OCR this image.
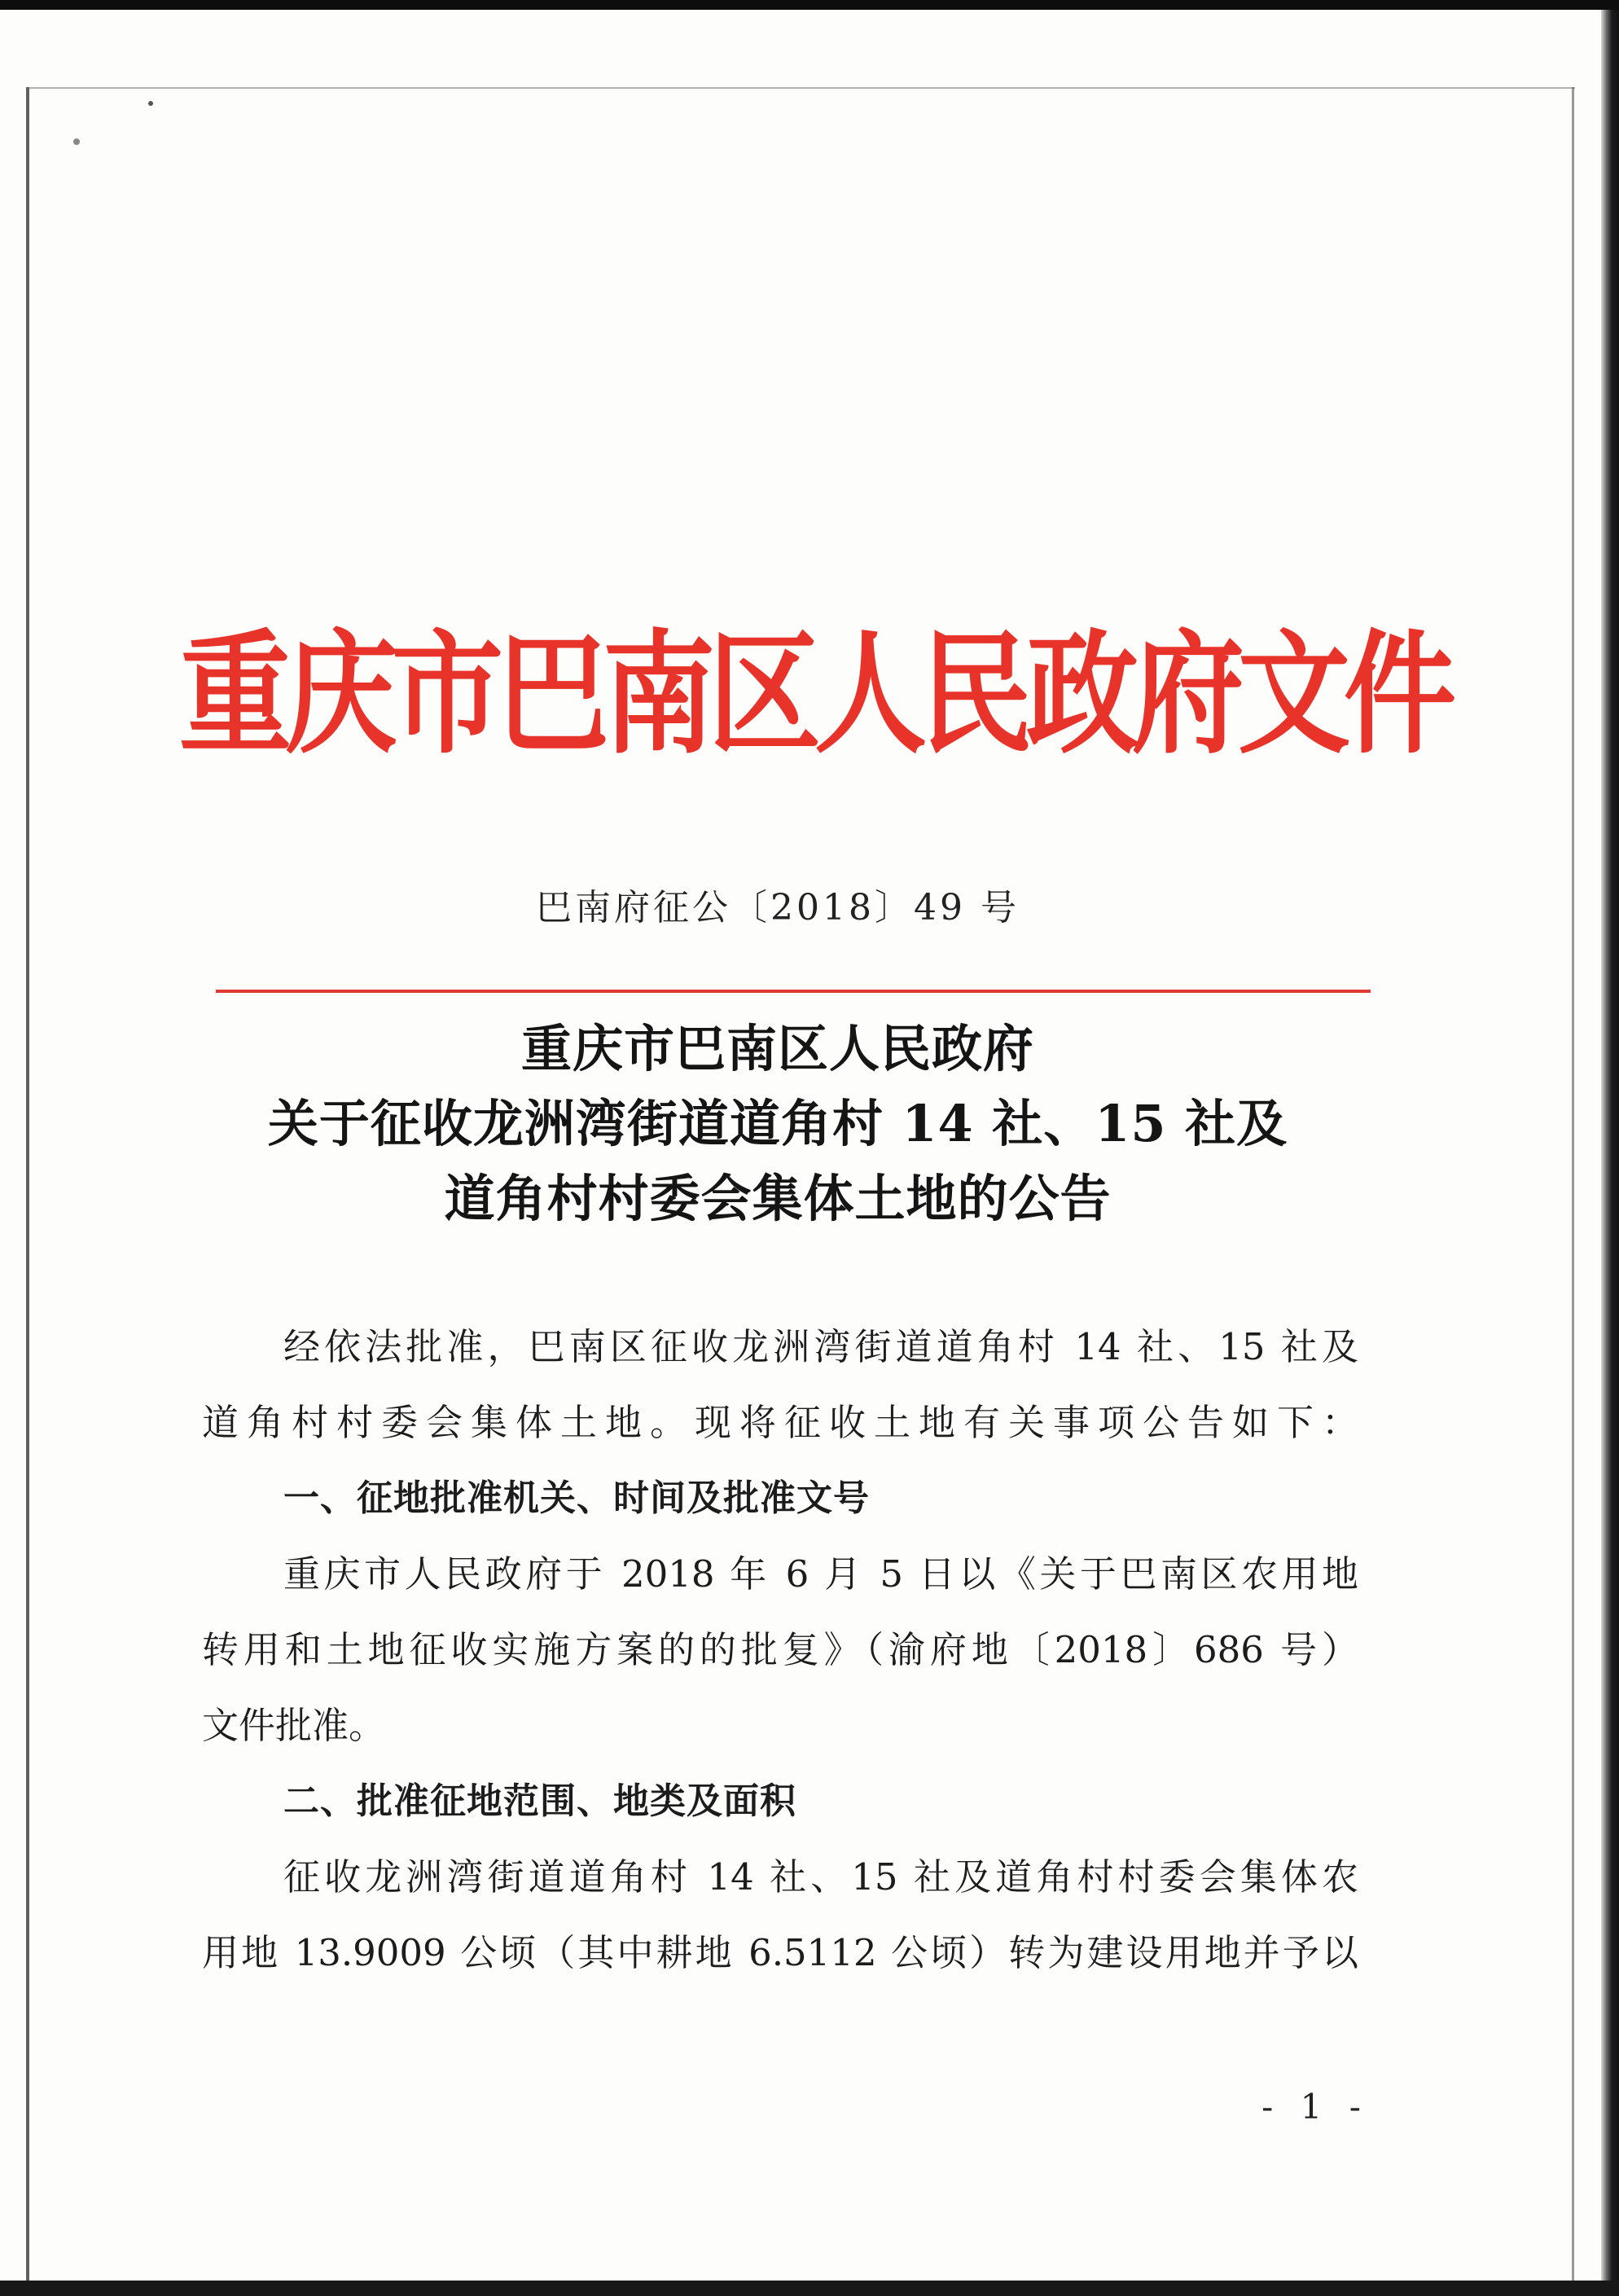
重庆市巴南区人民政府文件
巴南府征公〔2018〕49 号
重庆市巴南区人民政府
关于征收龙洲湾街道道角村 14 社、15 社及
道角村村委会集体土地的公告
经依法批准，巴南区征收龙洲湾街道道角村 14 社、15 社及
道角村村委会集体土地。现将征收土地有关事项公告如下：
一、征地批准机关、时间及批准文号
重庆市人民政府于 2018 年 6 月 5 日以《关于巴南区农用地
转用和土地征收实施方案的的批复》（渝府地〔2018〕686 号）
文件批准。
二、批准征地范围、地类及面积
征收龙洲湾街道道角村 14 社、15 社及道角村村委会集体农
用地 13.9009 公顷（其中耕地 6.5112 公顷）转为建设用地并予以
- 1 -
